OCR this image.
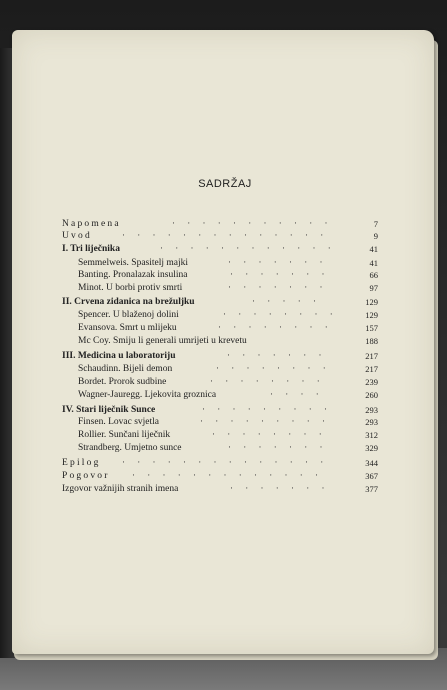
SADRŽAJ
· · · · · · · · · · ·
Napomena	7
· · · · · · · · · · · · · ·
Uvod	9
· · · · · · · · · · · ·
I. Tri liječnika	41
· · · · · · ·
Semmelweis. Spasitelj majki	41
· · · · · · ·
Banting. Pronalazak insulina	66
· · · · · · ·
Minot. U borbi protiv smrti	97
· · · · ·
II. Crvena zidanica na brežuljku	129
· · · · · · · ·
Spencer. U blaženoj dolini	129
· · · · · · · ·
Evansova. Smrt u mlijeku	157
Mc Coy. Smiju li generali umrijeti u krevetu	188
· · · · · · ·
III. Medicina u laboratoriju	217
· · · · · · · ·
Schaudinn. Bijeli demon	217
· · · · · · · ·
Bordet. Prorok sudbine	239
· · · ·
Wagner-Jauregg. Ljekovita groznica	260
· · · · · · · · ·
IV. Stari liječnik Sunce	293
· · · · · · · · ·
Finsen. Lovac svjetla	293
· · · · · · · ·
Rollier. Sunčani liječnik	312
· · · · · · ·
Strandberg. Umjetno sunce	329
· · · · · · · · · · · · · ·
Epilog	344
· · · · · · · · · · · · ·
Pogovor	367
· · · · · · ·
Izgovor važnijih stranih imena	377
